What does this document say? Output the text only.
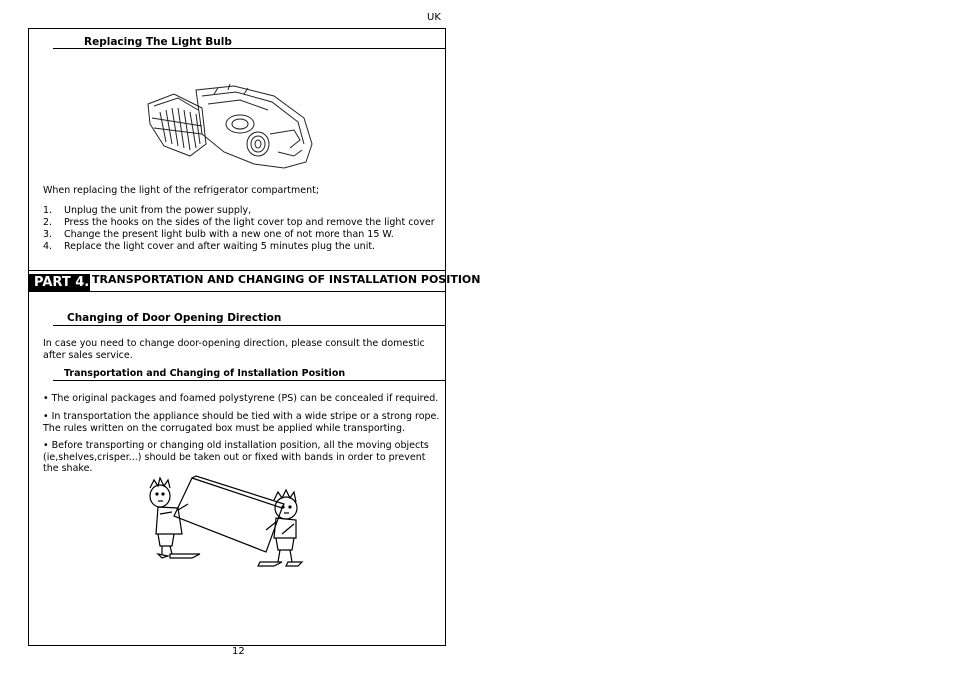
UK
Replacing The Light Bulb
When replacing the light of the refrigerator compartment;
1. Unplug the unit from the power supply,
2. Press the hooks on the sides of the light cover top and remove the light cover
3. Change the present light bulb with a new one of not more than 15 W.
4. Replace the light cover and after waiting 5 minutes plug the unit.
PART 4. TRANSPORTATION AND CHANGING OF INSTALLATION POSITION
Changing of Door Opening Direction
In case you need to change door-opening direction, please consult the domestic after sales service.
Transportation and Changing of Installation Position
• The original packages and foamed polystyrene (PS) can be concealed if required.
• In transportation the appliance should be tied with a wide stripe or a strong rope. The rules written on the corrugated box must be applied while transporting.
• Before transporting or changing old installation position, all the moving objects (ie,shelves,crisper...) should be taken out or fixed with bands in order to prevent the shake.
12
